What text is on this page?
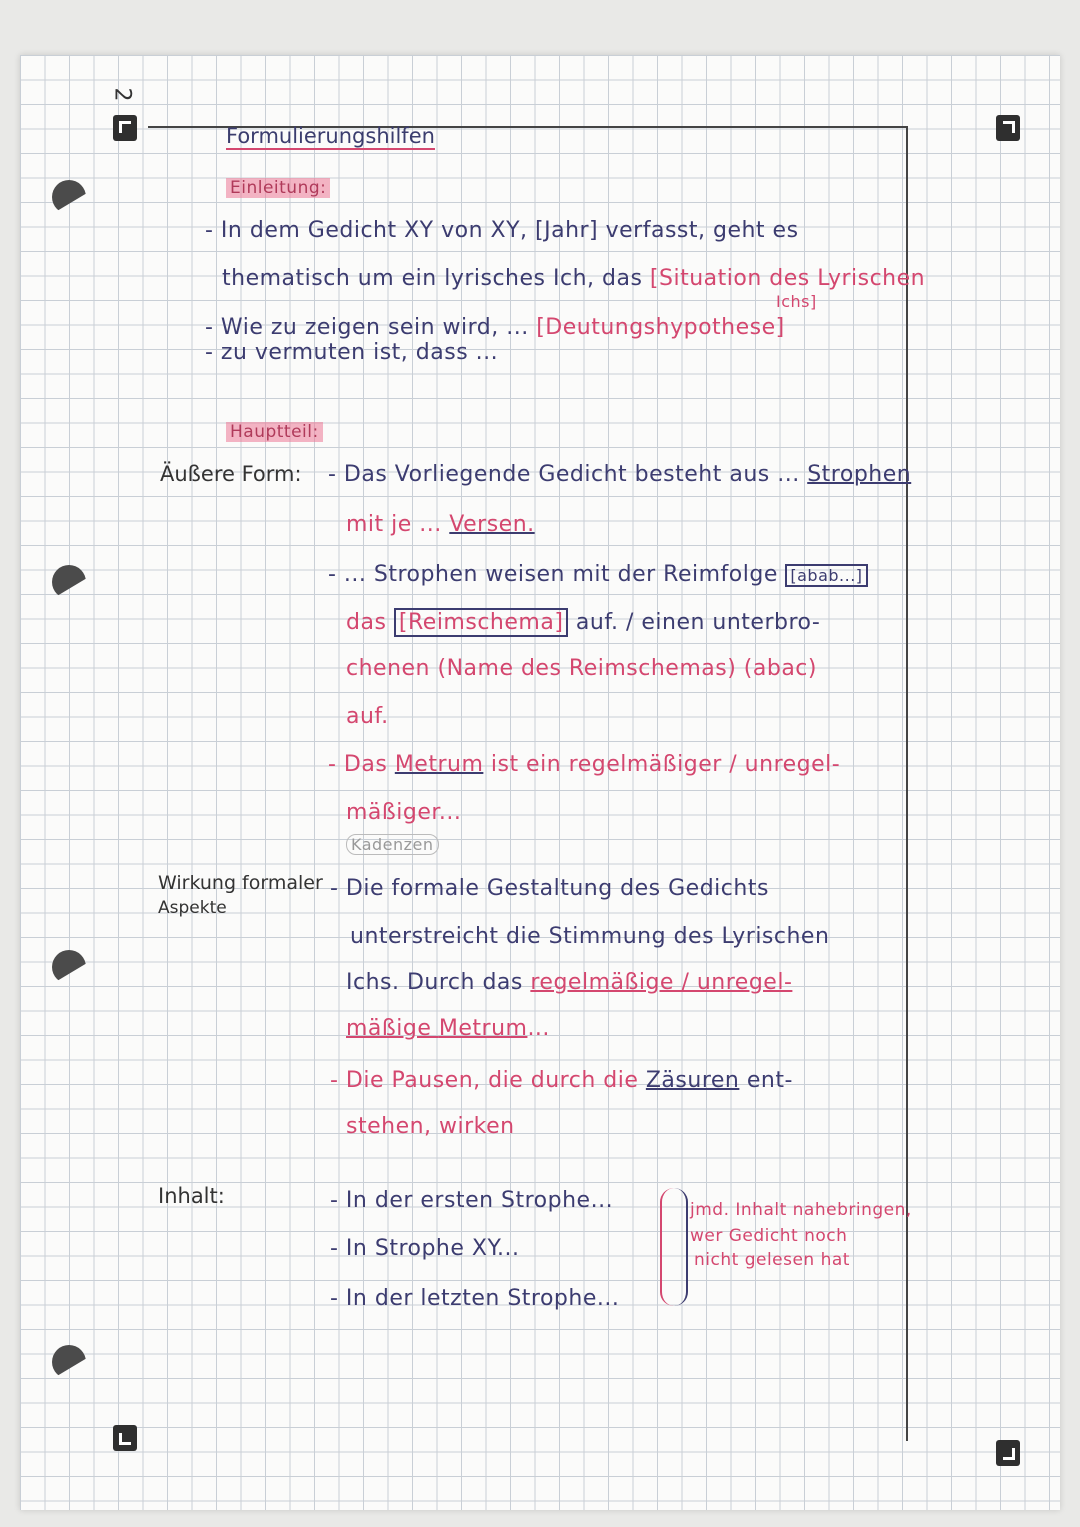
2
Formulierungshilfen
Einleitung:
- In dem Gedicht XY von XY, [Jahr] verfasst, geht es
thematisch um ein lyrisches Ich, das [Situation des Lyrischen
Ichs]
- Wie zu zeigen sein wird, ... [Deutungshypothese]
- zu vermuten ist, dass ...
Hauptteil:
Äußere Form: - Das Vorliegende Gedicht besteht aus ... Strophen
mit je ... Versen.
- ... Strophen weisen mit der Reimfolge [abab...]
das [Reimschema] auf. / einen unterbro-
chenen (Name des Reimschemas) (abac)
auf.
- Das Metrum ist ein regelmäßiger / unregel-
mäßiger...
Kadenzen
Wirkung formaler
Aspekte
- Die formale Gestaltung des Gedichts
unterstreicht die Stimmung des Lyrischen
Ichs. Durch das regelmäßige / unregel-
mäßige Metrum...
- Die Pausen, die durch die Zäsuren ent-
stehen, wirken
Inhalt:	- In der ersten Strophe...
- In Strophe XY...
- In der letzten Strophe...
jmd. Inhalt nahebringen,
wer Gedicht noch
nicht gelesen hat
